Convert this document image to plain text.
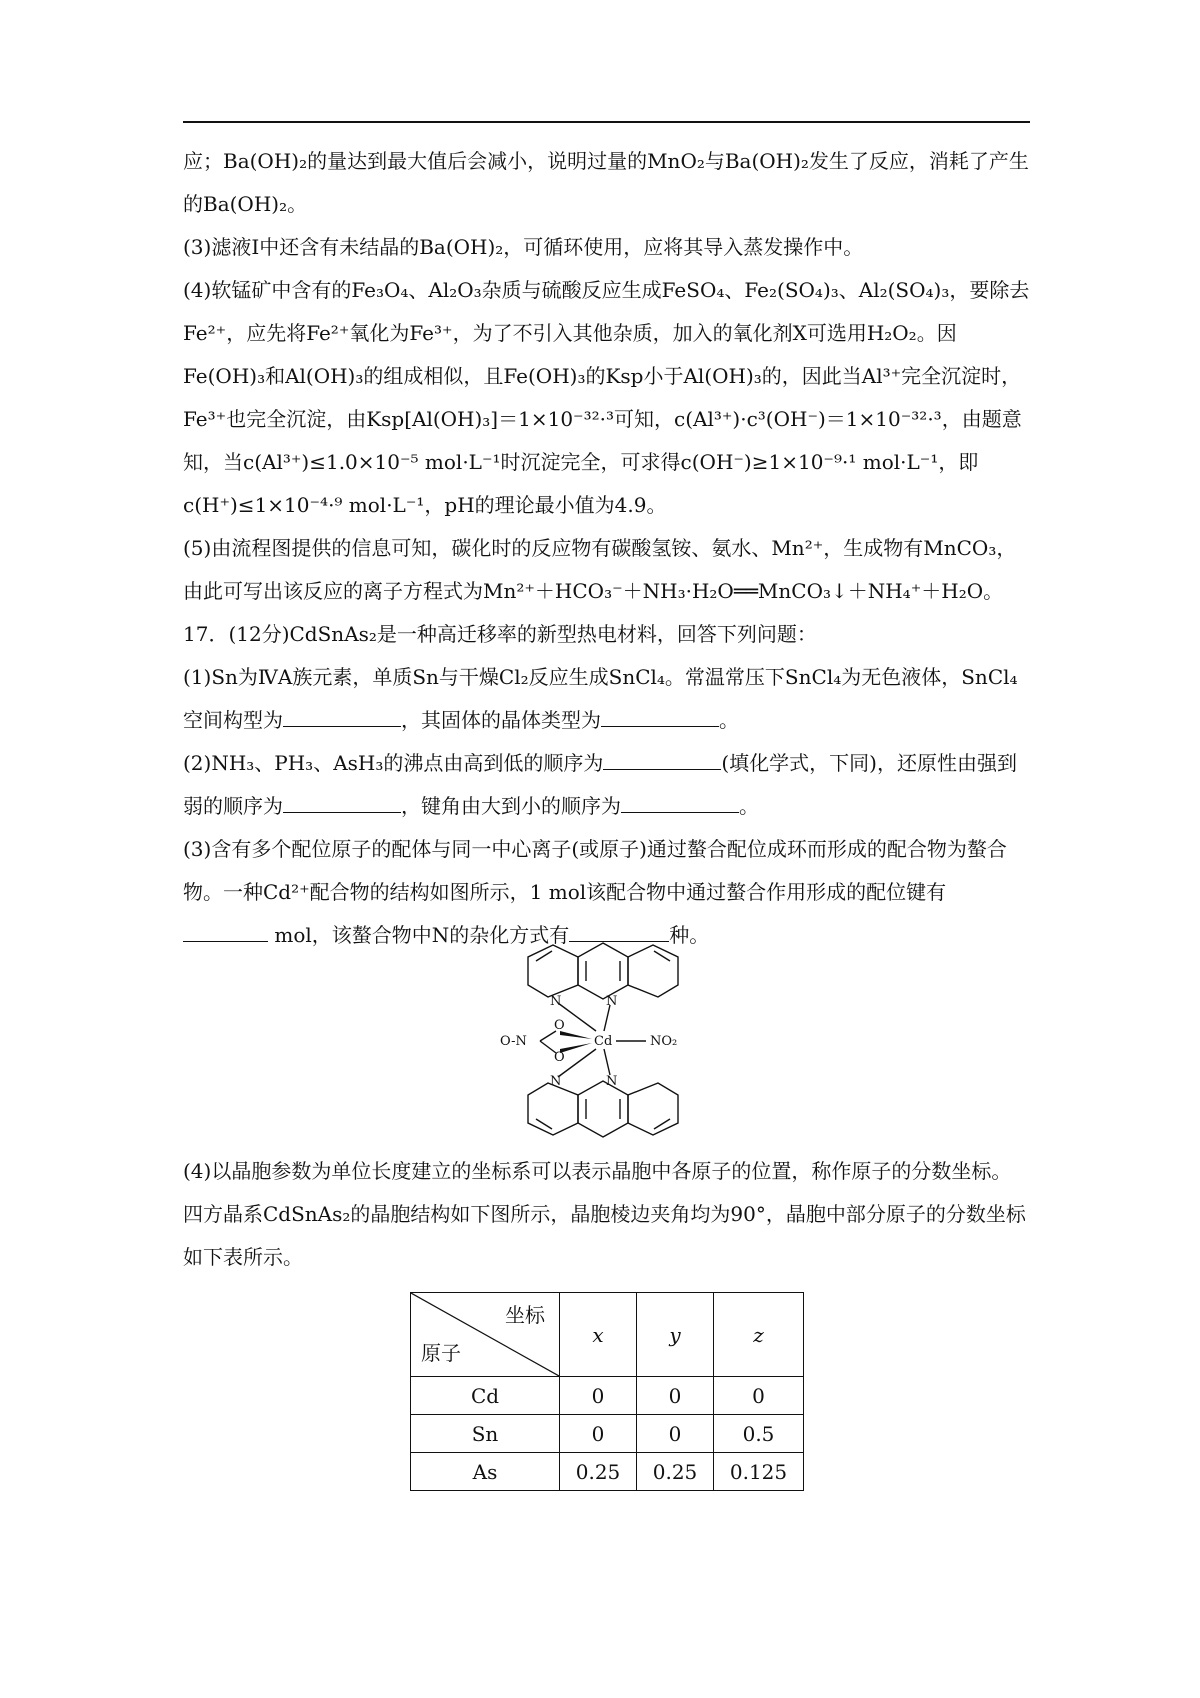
应；Ba(OH)₂的量达到最大值后会减小，说明过量的MnO₂与Ba(OH)₂发生了反应，消耗了产生的Ba(OH)₂。

(3)滤液Ⅰ中还含有未结晶的Ba(OH)₂，可循环使用，应将其导入蒸发操作中。

(4)软锰矿中含有的Fe₃O₄、Al₂O₃杂质与硫酸反应生成FeSO₄、Fe₂(SO₄)₃、Al₂(SO₄)₃，要除去Fe²⁺，应先将Fe²⁺氧化为Fe³⁺，为了不引入其他杂质，加入的氧化剂X可选用H₂O₂。因Fe(OH)₃和Al(OH)₃的组成相似，且Fe(OH)₃的Ksp小于Al(OH)₃的，因此当Al³⁺完全沉淀时，Fe³⁺也完全沉淀，由Ksp[Al(OH)₃]＝1×10⁻³²·³可知，c(Al³⁺)·c³(OH⁻)＝1×10⁻³²·³，由题意知，当c(Al³⁺)≤1.0×10⁻⁵ mol·L⁻¹时沉淀完全，可求得c(OH⁻)≥1×10⁻⁹·¹ mol·L⁻¹，即c(H⁺)≤1×10⁻⁴·⁹ mol·L⁻¹，pH的理论最小值为4.9。

(5)由流程图提供的信息可知，碳化时的反应物有碳酸氢铵、氨水、Mn²⁺，生成物有MnCO₃，由此可写出该反应的离子方程式为Mn²⁺＋HCO₃⁻＋NH₃·H₂O══MnCO₃↓＋NH₄⁺＋H₂O。

17．(12分)CdSnAs₂是一种高迁移率的新型热电材料，回答下列问题：

(1)Sn为ⅣA族元素，单质Sn与干燥Cl₂反应生成SnCl₄。常温常压下SnCl₄为无色液体，SnCl₄空间构型为	，其固体的晶体类型为	。

(2)NH₃、PH₃、AsH₃的沸点由高到低的顺序为	(填化学式，下同)，还原性由强到弱的顺序为	，键角由大到小的顺序为	。

(3)含有多个配位原子的配体与同一中心离子(或原子)通过螯合配位成环而形成的配合物为螯合物。一种Cd²⁺配合物的结构如图所示，1 mol该配合物中通过螯合作用形成的配位键有 mol，该螯合物中N的杂化方式有	种。

N	N
N	N
Cd
O
O
O-N	NO₂

(4)以晶胞参数为单位长度建立的坐标系可以表示晶胞中各原子的位置，称作原子的分数坐标。四方晶系CdSnAs₂的晶胞结构如下图所示，晶胞棱边夹角均为90°，晶胞中部分原子的分数坐标如下表所示。

坐标
原子	x	y	z
Cd	0	0	0
Sn	0	0	0.5
As	0.25	0.25	0.125
